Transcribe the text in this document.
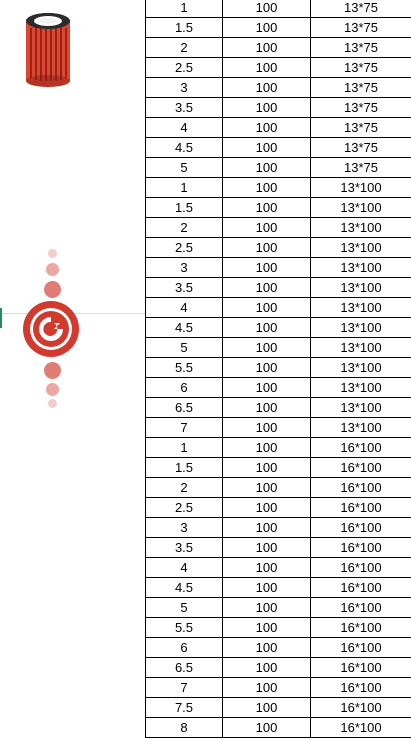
1	100	13*75
1.5	100	13*75
2	100	13*75
2.5	100	13*75
3	100	13*75
3.5	100	13*75
4	100	13*75
4.5	100	13*75
5	100	13*75
1	100	13*100
1.5	100	13*100
2	100	13*100
2.5	100	13*100
3	100	13*100
3.5	100	13*100
4	100	13*100
4.5	100	13*100
5	100	13*100
5.5	100	13*100
6	100	13*100
6.5	100	13*100
7	100	13*100
1	100	16*100
1.5	100	16*100
2	100	16*100
2.5	100	16*100
3	100	16*100
3.5	100	16*100
4	100	16*100
4.5	100	16*100
5	100	16*100
5.5	100	16*100
6	100	16*100
6.5	100	16*100
7	100	16*100
7.5	100	16*100
8	100	16*100
